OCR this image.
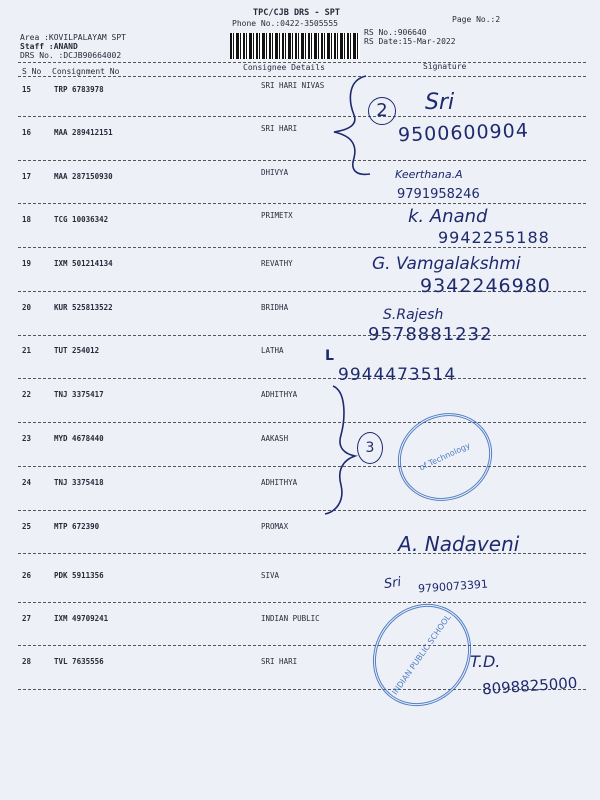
TPC/CJB DRS - SPT
Phone No.:0422-3505555	Page No.:2
Area :KOVILPALAYAM SPT
Staff :ANAND
DRS No. :DCJB90664002
RS No.:906640
RS Date:15-Mar-2022
S No Consignment No	Consignee Details	Signature
15	TRP 6783978	SRI HARI NIVAS
16	MAA 289412151	SRI HARI
17	MAA 287150930	DHIVYA
18	TCG 10036342	PRIMETX
19	IXM 501214134	REVATHY
20	KUR 525813522	BRIDHA
21	TUT 254012	LATHA
22	TNJ 3375417	ADHITHYA
23	MYD 4678440	AAKASH
24	TNJ 3375418	ADHITHYA
25	MTP 672390	PROMAX
26	PDK 5911356	SIVA
27	IXM 49709241	INDIAN PUBLIC
28	TVL 7635556	SRI HARI
2
3
Sri
9500600904
Keerthana.A
9791958246
k. Anand
9942255188
G. Vamgalakshmi
9342246980
S.Rajesh
9578881232
L
9944473514
A. Nadaveni
Sri 9790073391
T.D.
8098825000
of Technology
INDIAN PUBLIC SCHOOL
